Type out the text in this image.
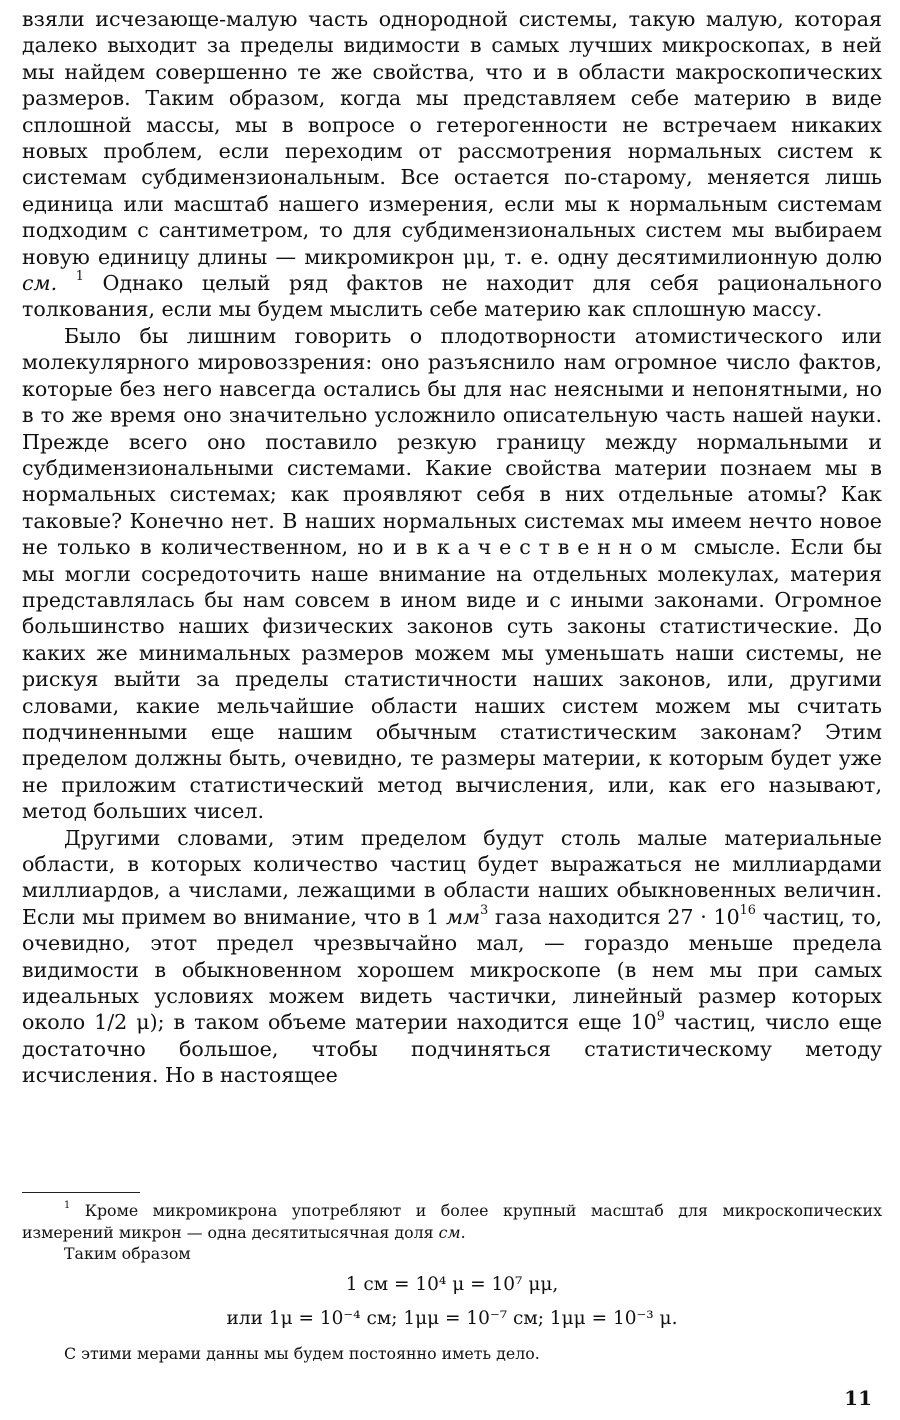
взяли исчезающе-малую часть однородной системы, такую малую, которая далеко выходит за пределы видимости в самых лучших микроскопах, в ней мы найдем совершенно те же свойства, что и в области макроскопических размеров. Таким образом, когда мы представляем себе материю в виде сплошной массы, мы в вопросе о гетерогенности не встречаем никаких новых проблем, если переходим от рассмотрения нормальных систем к системам субдимензиональным. Все остается по-старому, меняется лишь единица или масштаб нашего измерения, если мы к нормальным системам подходим с сантиметром, то для субдимензиональных систем мы выбираем новую единицу длины — микромикрон μμ, т. е. одну десятимилионную долю см. $^1$ Однако целый ряд фактов не находит для себя рационального толкования, если мы будем мыслить себе материю как сплошную массу.

Было бы лишним говорить о плодотворности атомистического или молекулярного мировоззрения: оно разъяснило нам огромное число фактов, которые без него навсегда остались бы для нас неясными и непонятными, но в то же время оно значительно усложнило описательную часть нашей науки. Прежде всего оно поставило резкую границу между нормальными и субдимензиональными системами. Какие свойства материи познаем мы в нормальных системах; как проявляют себя в них отдельные атомы? Как таковые? Конечно нет. В наших нормальных системах мы имеем нечто новое не только в количественном, но и в качественном смысле. Если бы мы могли сосредоточить наше внимание на отдельных молекулах, материя представлялась бы нам совсем в ином виде и с иными законами. Огромное большинство наших физических законов суть законы статистические. До каких же минимальных размеров можем мы уменьшать наши системы, не рискуя выйти за пределы статистичности наших законов, или, другими словами, какие мельчайшие области наших систем можем мы считать подчиненными еще нашим обычным статистическим законам? Этим пределом должны быть, очевидно, те размеры материи, к которым будет уже не приложим статистический метод вычисления, или, как его называют, метод больших чисел.

Другими словами, этим пределом будут столь малые материальные области, в которых количество частиц будет выражаться не миллиардами миллиардов, а числами, лежащими в области наших обыкновенных величин. Если мы примем во внимание, что в 1 $мм^3$ газа находится $27 \cdot 10^{16}$ частиц, то, очевидно, этот предел чрезвычайно мал, — гораздо меньше предела видимости в обыкновенном хорошем микроскопе (в нем мы при самых идеальных условиях можем видеть частички, линейный размер которых около 1/2 μ); в таком объеме материи находится еще $10^9$ частиц, число еще достаточно большое, чтобы подчиняться статистическому методу исчисления. Но в настоящее

$^1$ Кроме микромикрона употребляют и более крупный масштаб для микроскопических измерений микрон — одна десятитысячная доля см.

Таким образом

1 см = 10⁴ μ = 10⁷ μμ,
или 1μ = 10⁻⁴ см; 1μμ = 10⁻⁷ см; 1μμ = 10⁻³ μ.

С этими мерами данны мы будем постоянно иметь дело.

11
